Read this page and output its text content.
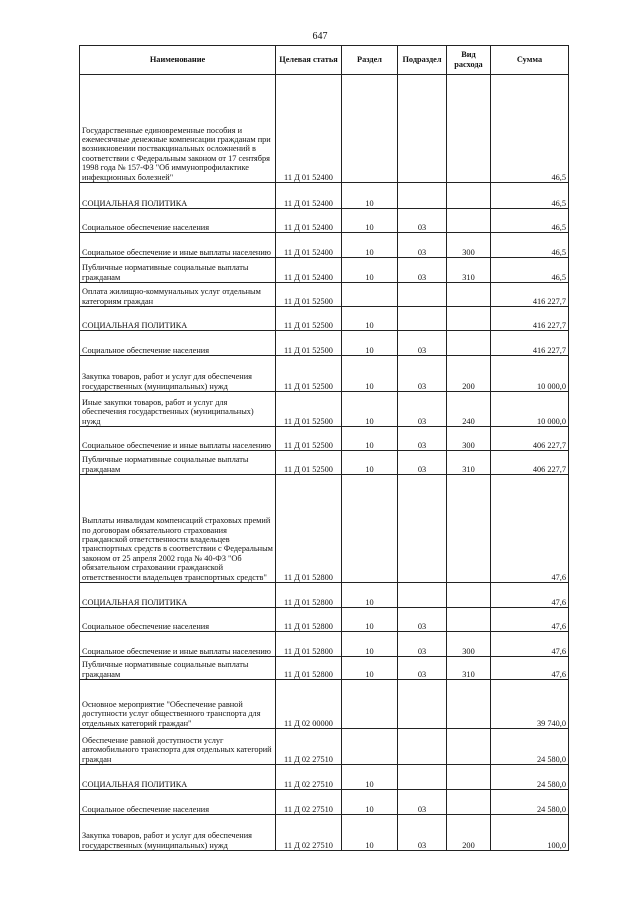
647
Наименование	Целевая статья	Раздел	Подраздел	Вид расхода	Сумма
Государственные единовременные пособия и ежемесячные денежные компенсации гражданам при возникновении поствакцинальных осложнений в соответствии с Федеральным законом от 17 сентября 1998 года № 157-ФЗ "Об иммунопрофилактике инфекционных болезней"	11 Д 01 52400				46,5
СОЦИАЛЬНАЯ ПОЛИТИКА	11 Д 01 52400	10			46,5
Социальное обеспечение населения	11 Д 01 52400	10	03		46,5
Социальное обеспечение и иные выплаты населению	11 Д 01 52400	10	03	300	46,5
Публичные нормативные социальные выплаты гражданам	11 Д 01 52400	10	03	310	46,5
Оплата жилищно-коммунальных услуг отдельным категориям граждан	11 Д 01 52500				416 227,7
СОЦИАЛЬНАЯ ПОЛИТИКА	11 Д 01 52500	10			416 227,7
Социальное обеспечение населения	11 Д 01 52500	10	03		416 227,7
Закупка товаров, работ и услуг для обеспечения государственных (муниципальных) нужд	11 Д 01 52500	10	03	200	10 000,0
Иные закупки товаров, работ и услуг для обеспечения государственных (муниципальных) нужд	11 Д 01 52500	10	03	240	10 000,0
Социальное обеспечение и иные выплаты населению	11 Д 01 52500	10	03	300	406 227,7
Публичные нормативные социальные выплаты гражданам	11 Д 01 52500	10	03	310	406 227,7
Выплаты инвалидам компенсаций страховых премий по договорам обязательного страхования гражданской ответственности владельцев транспортных средств в соответствии с Федеральным законом от 25 апреля 2002 года № 40-ФЗ "Об обязательном страховании гражданской ответственности владельцев транспортных средств"	11 Д 01 52800				47,6
СОЦИАЛЬНАЯ ПОЛИТИКА	11 Д 01 52800	10			47,6
Социальное обеспечение населения	11 Д 01 52800	10	03		47,6
Социальное обеспечение и иные выплаты населению	11 Д 01 52800	10	03	300	47,6
Публичные нормативные социальные выплаты гражданам	11 Д 01 52800	10	03	310	47,6
Основное мероприятие "Обеспечение равной доступности услуг общественного транспорта для отдельных категорий граждан"	11 Д 02 00000				39 740,0
Обеспечение равной доступности услуг автомобильного транспорта для отдельных категорий граждан	11 Д 02 27510				24 580,0
СОЦИАЛЬНАЯ ПОЛИТИКА	11 Д 02 27510	10			24 580,0
Социальное обеспечение населения	11 Д 02 27510	10	03		24 580,0
Закупка товаров, работ и услуг для обеспечения государственных (муниципальных) нужд	11 Д 02 27510	10	03	200	100,0
